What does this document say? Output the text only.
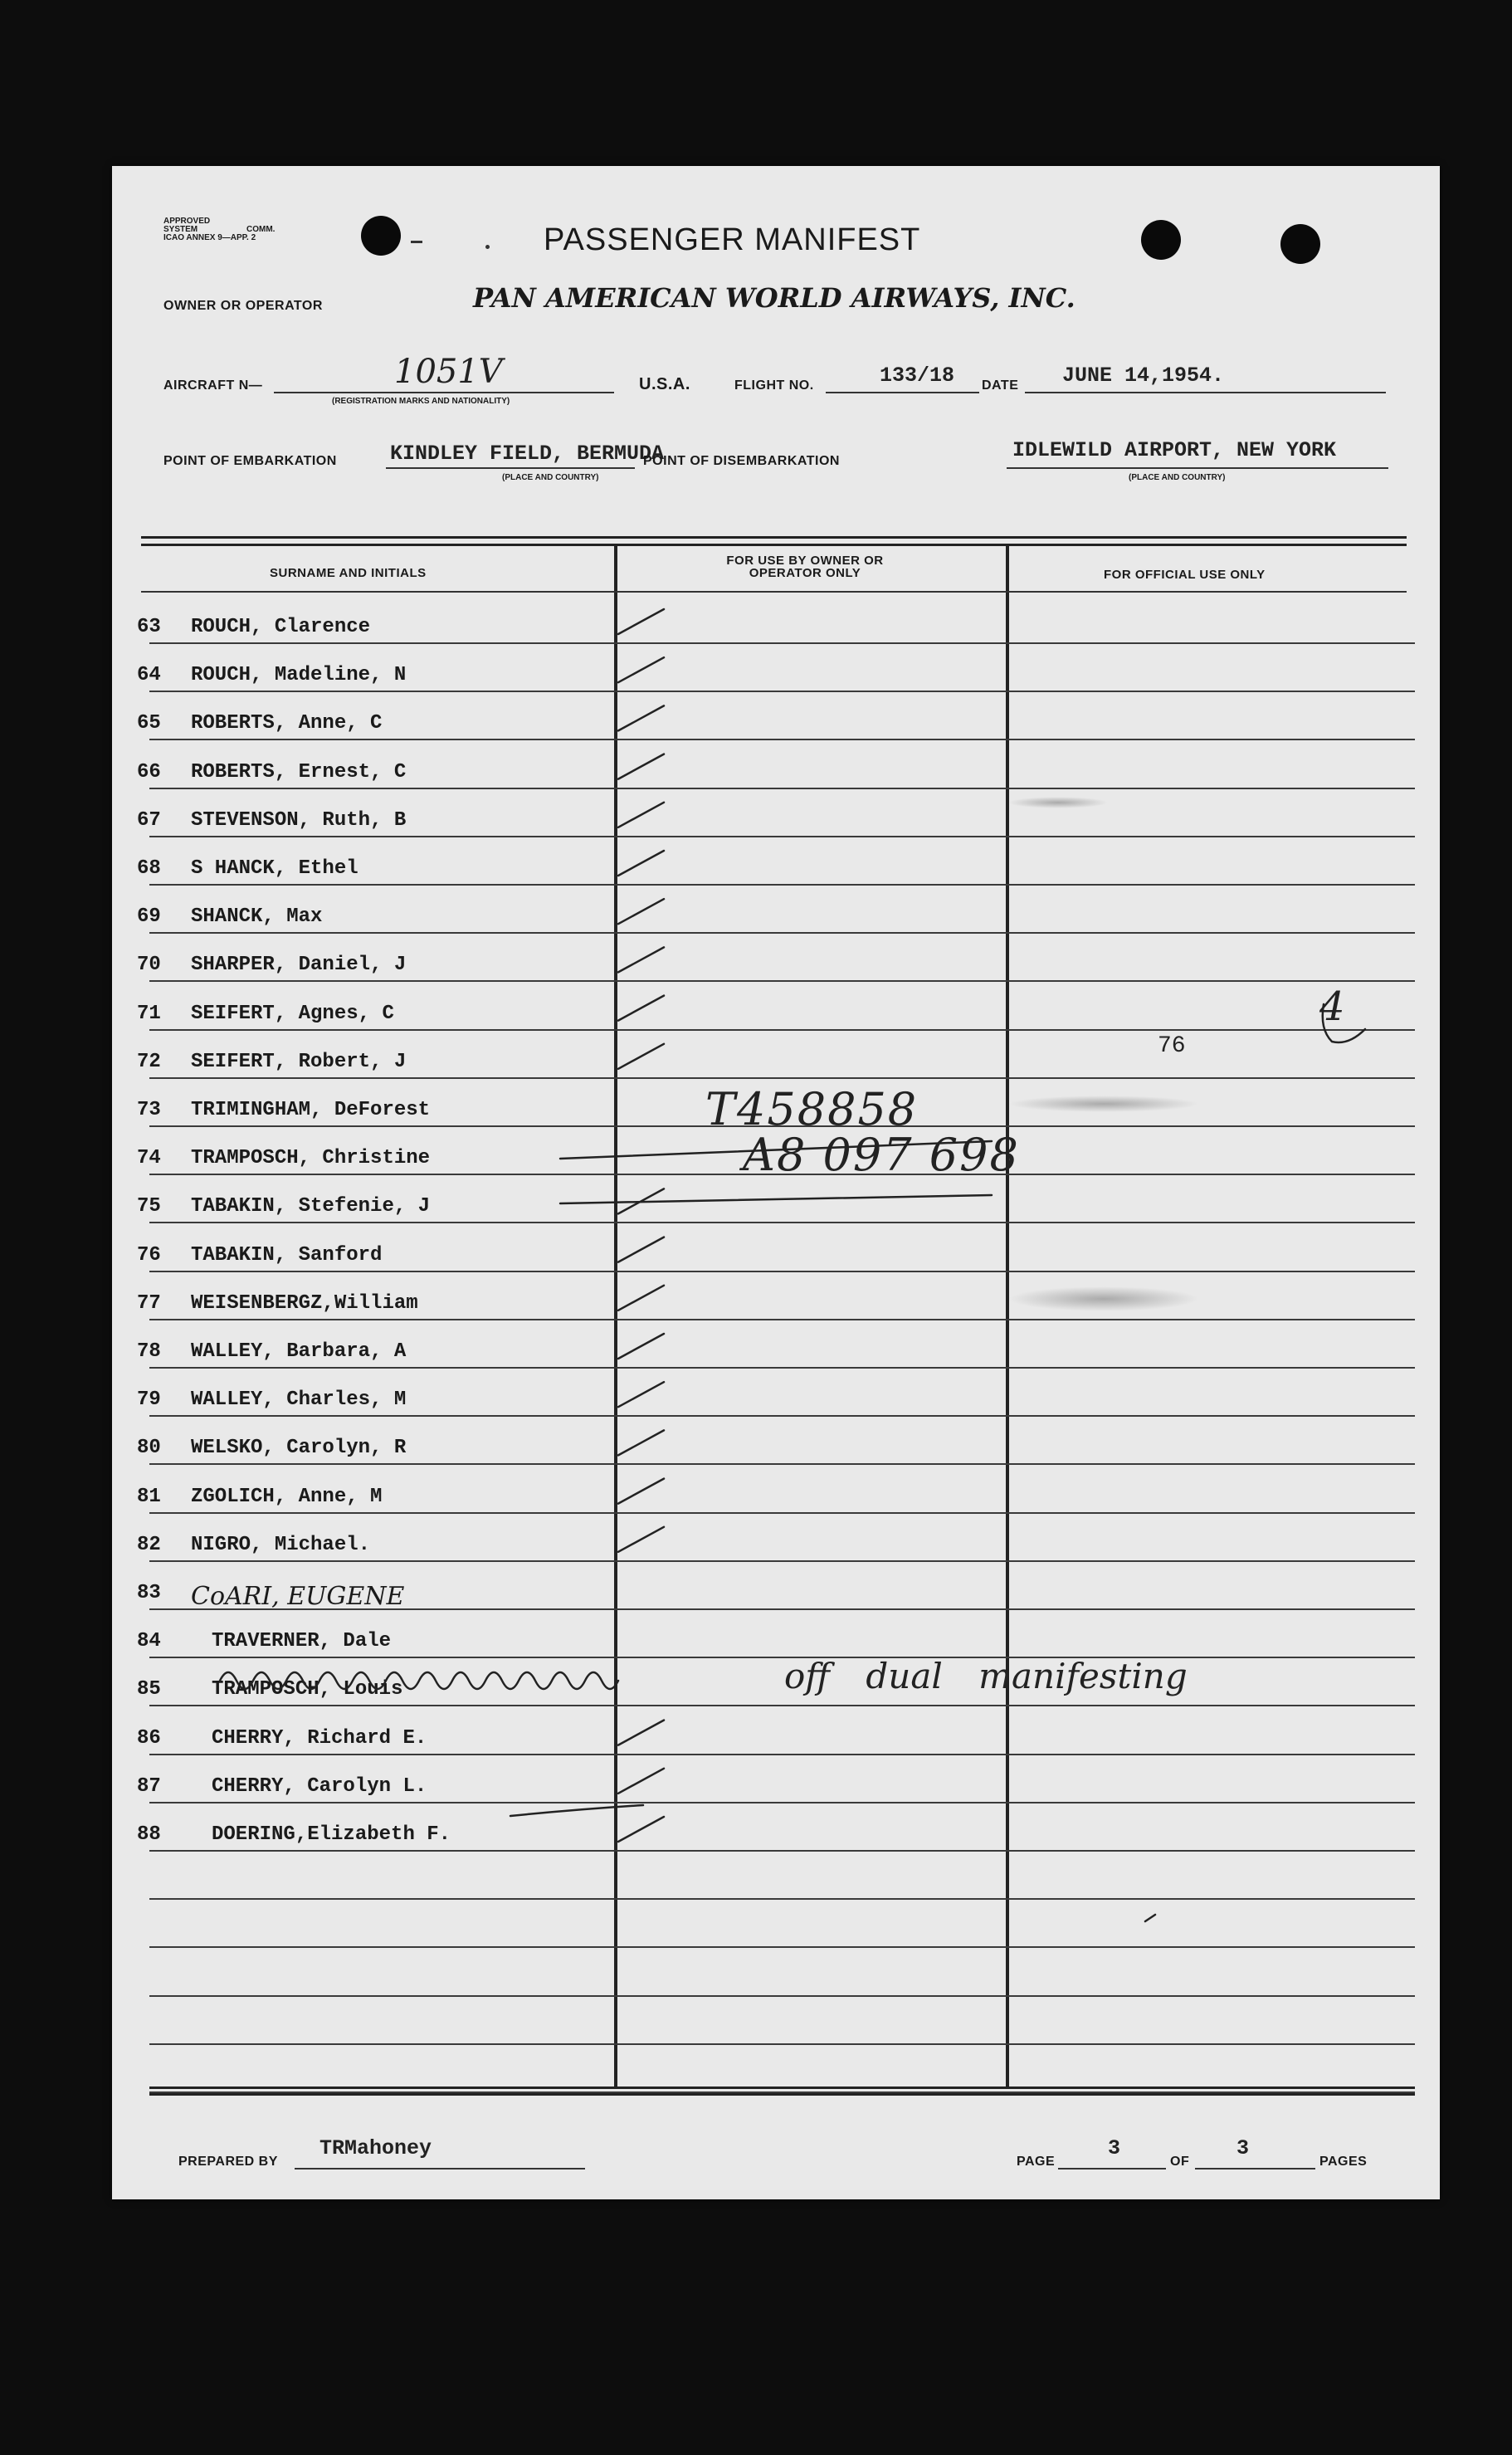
APPROVED
SYSTEM	COMM.
ICAO ANNEX 9—APP. 2	PASSENGER MANIFEST
OWNER OR OPERATOR	PAN AMERICAN WORLD AIRWAYS, INC.
AIRCRAFT N—	1051V
(REGISTRATION MARKS AND NATIONALITY)
U.S.A.	FLIGHT NO.	133/18 DATE JUNE 14,1954.
POINT OF EMBARKATION	KINDLEY FIELD, BERMUDA
(PLACE AND COUNTRY)
POINT OF DISEMBARKATION	IDLEWILD AIRPORT, NEW YORK
(PLACE AND COUNTRY)
SURNAME AND INITIALS
FOR USE BY OWNER OR OPERATOR ONLY	FOR OFFICIAL USE ONLY
63	ROUCH, Clarence
64	ROUCH, Madeline, N
65	ROBERTS, Anne, C
66	ROBERTS, Ernest, C
67	STEVENSON, Ruth, B
68	S HANCK, Ethel
69	SHANCK, Max
70	SHARPER, Daniel, J
71	SEIFERT, Agnes, C
72	SEIFERT, Robert, J
73	TRIMINGHAM, DeForest
74	TRAMPOSCH, Christine
75	TABAKIN, Stefenie, J
76	TABAKIN, Sanford
77	WEISENBERGZ,William
78	WALLEY, Barbara, A
79	WALLEY, Charles, M
80	WELSKO, Carolyn, R
81	ZGOLICH, Anne, M
82	NIGRO, Michael.
83	CoARI, EUGENE
84	TRAVERNER, Dale
85	TRAMPOSCH, Louis
86	CHERRY, Richard E.
87	CHERRY, Carolyn L.
88	DOERING,Elizabeth F.
T458858
A8 097 698
76
4
off dual manifesting
PREPARED BY
TRMahoney
PAGE
3
OF
3
PAGES
